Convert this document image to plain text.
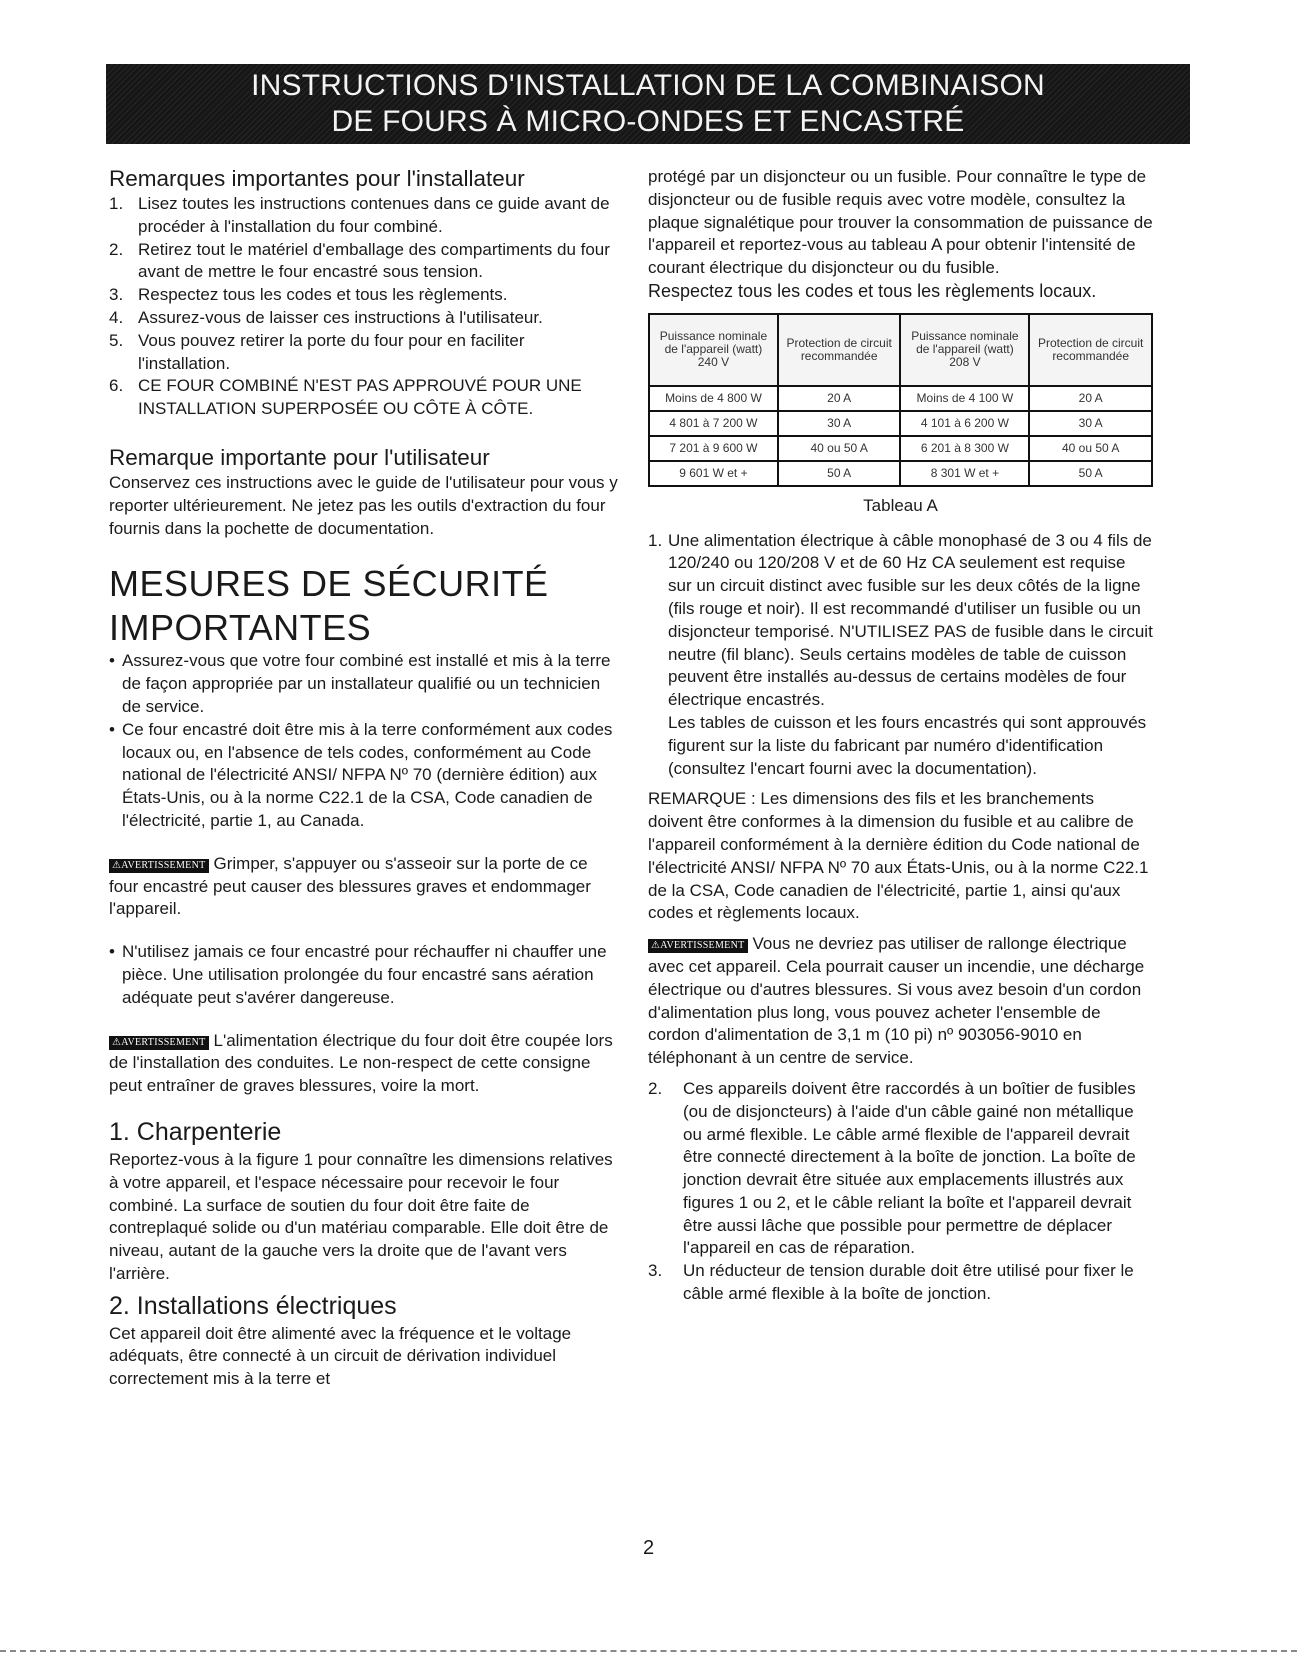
INSTRUCTIONS D'INSTALLATION DE LA COMBINAISON
DE FOURS À MICRO-ONDES ET ENCASTRÉ
Remarques importantes pour l'installateur
1. Lisez toutes les instructions contenues dans ce guide avant de procéder à l'installation du four combiné.
2. Retirez tout le matériel d'emballage des compartiments du four avant de mettre le four encastré sous tension.
3. Respectez tous les codes et tous les règlements.
4. Assurez-vous de laisser ces instructions à l'utilisateur.
5. Vous pouvez retirer la porte du four pour en faciliter l'installation.
6. CE FOUR COMBINÉ N'EST PAS APPROUVÉ POUR UNE INSTALLATION SUPERPOSÉE OU CÔTE À CÔTE.
Remarque importante pour l'utilisateur

Conservez ces instructions avec le guide de l'utilisateur pour vous y reporter ultérieurement. Ne jetez pas les outils d'extraction du four fournis dans la pochette de documentation.

MESURES DE SÉCURITÉ
IMPORTANTES
• Assurez-vous que votre four combiné est installé et mis à la terre de façon appropriée par un installateur qualifié ou un technicien de service.
• Ce four encastré doit être mis à la terre conformément aux codes locaux ou, en l'absence de tels codes, conformément au Code national de l'électricité ANSI/ NFPA Nº 70 (dernière édition) aux États-Unis, ou à la norme C22.1 de la CSA, Code canadien de l'électricité, partie 1, au Canada.

⚠AVERTISSEMENT Grimper, s'appuyer ou s'asseoir sur la porte de ce four encastré peut causer des blessures graves et endommager l'appareil.

• N'utilisez jamais ce four encastré pour réchauffer ni chauffer une pièce. Une utilisation prolongée du four encastré sans aération adéquate peut s'avérer dangereuse.

⚠AVERTISSEMENT L'alimentation électrique du four doit être coupée lors de l'installation des conduites. Le non-respect de cette consigne peut entraîner de graves blessures, voire la mort.

1. Charpenterie

Reportez-vous à la figure 1 pour connaître les dimensions relatives à votre appareil, et l'espace nécessaire pour recevoir le four combiné. La surface de soutien du four doit être faite de contreplaqué solide ou d'un matériau comparable. Elle doit être de niveau, autant de la gauche vers la droite que de l'avant vers l'arrière.

2. Installations électriques

Cet appareil doit être alimenté avec la fréquence et le voltage adéquats, être connecté à un circuit de dérivation individuel correctement mis à la terre et

protégé par un disjoncteur ou un fusible. Pour connaître le type de disjoncteur ou de fusible requis avec votre modèle, consultez la plaque signalétique pour trouver la consommation de puissance de l'appareil et reportez-vous au tableau A pour obtenir l'intensité de courant électrique du disjoncteur ou du fusible.

Respectez tous les codes et tous les règlements locaux.

Puissance nominale de l'appareil (watt) 240 V	Protection de circuit recommandée	Puissance nominale de l'appareil (watt) 208 V	Protection de circuit recommandée
Moins de 4 800 W	20 A	Moins de 4 100 W	20 A
4 801 à 7 200 W	30 A	4 101 à 6 200 W	30 A
7 201 à 9 600 W	40 ou 50 A	6 201 à 8 300 W	40 ou 50 A
9 601 W et +	50 A	8 301 W et +	50 A
Tableau A
1. Une alimentation électrique à câble monophasé de 3 ou 4 fils de 120/240 ou 120/208 V et de 60 Hz CA seulement est requise sur un circuit distinct avec fusible sur les deux côtés de la ligne (fils rouge et noir). Il est recommandé d'utiliser un fusible ou un disjoncteur temporisé. N'UTILISEZ PAS de fusible dans le circuit neutre (fil blanc). Seuls certains modèles de table de cuisson peuvent être installés au-dessus de certains modèles de four électrique encastrés.

Les tables de cuisson et les fours encastrés qui sont approuvés figurent sur la liste du fabricant par numéro d'identification (consultez l'encart fourni avec la documentation).

REMARQUE : Les dimensions des fils et les branchements doivent être conformes à la dimension du fusible et au calibre de l'appareil conformément à la dernière édition du Code national de l'électricité ANSI/ NFPA Nº 70 aux États-Unis, ou à la norme C22.1 de la CSA, Code canadien de l'électricité, partie 1, ainsi qu'aux codes et règlements locaux.

⚠AVERTISSEMENT Vous ne devriez pas utiliser de rallonge électrique avec cet appareil. Cela pourrait causer un incendie, une décharge électrique ou d'autres blessures. Si vous avez besoin d'un cordon d'alimentation plus long, vous pouvez acheter l'ensemble de cordon d'alimentation de 3,1 m (10 pi) nº 903056-9010 en téléphonant à un centre de service.

2. Ces appareils doivent être raccordés à un boîtier de fusibles (ou de disjoncteurs) à l'aide d'un câble gainé non métallique ou armé flexible. Le câble armé flexible de l'appareil devrait être connecté directement à la boîte de jonction. La boîte de jonction devrait être située aux emplacements illustrés aux figures 1 ou 2, et le câble reliant la boîte et l'appareil devrait être aussi lâche que possible pour permettre de déplacer l'appareil en cas de réparation.
3. Un réducteur de tension durable doit être utilisé pour fixer le câble armé flexible à la boîte de jonction.
2
